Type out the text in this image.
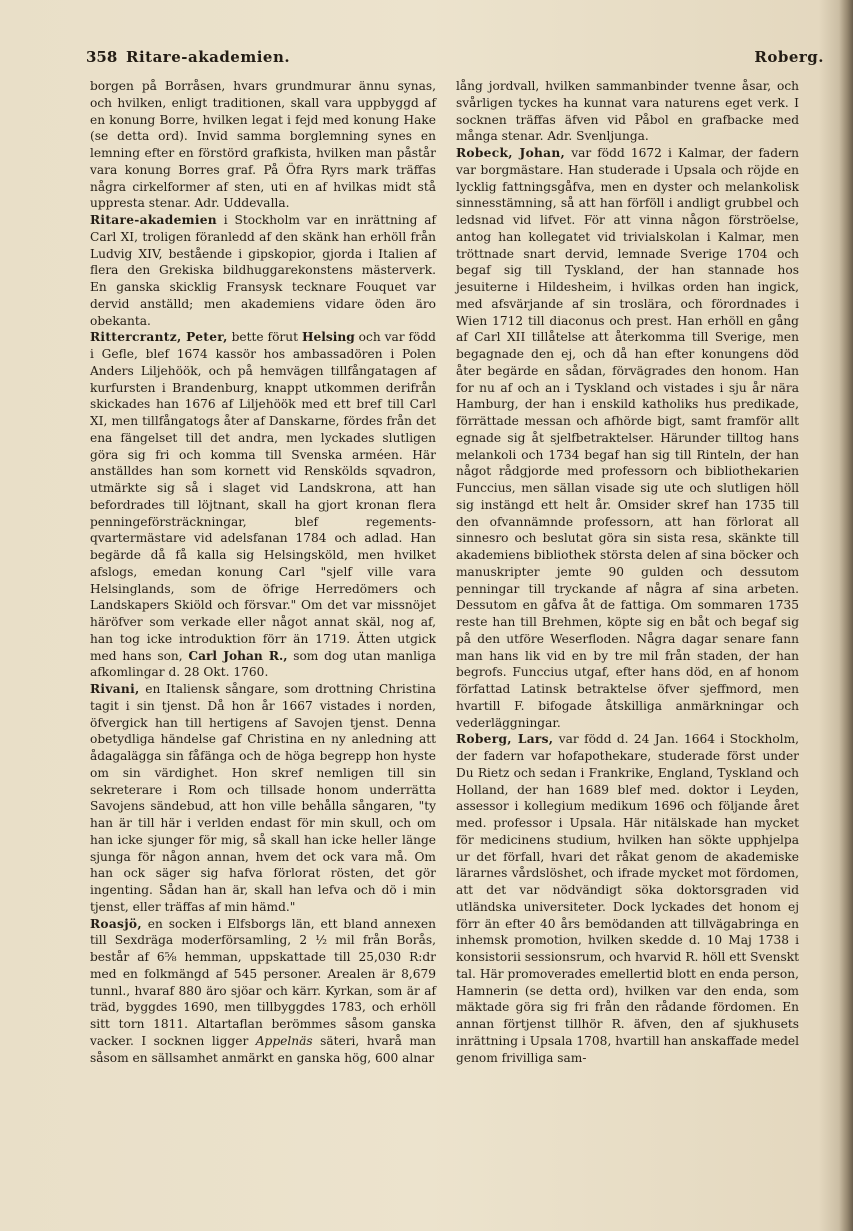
358 Ritare-akademien.	Roberg.

borgen på Borråsen, hvars grundmurar ännu synas, och hvilken, enligt traditionen, skall vara uppbyggd af en konung Borre, hvilken legat i fejd med konung Hake (se detta ord). Invid samma borglemning synes en lemning efter en förstörd grafkista, hvilken man påstår vara konung Borres graf. På Öfra Ryrs mark träffas några cirkelformer af sten, uti en af hvilkas midt stå uppresta stenar. Adr. Uddevalla.

Ritare-akademien i Stockholm var en inrättning af Carl XI, troligen föranledd af den skänk han erhöll från Ludvig XIV, bestående i gipskopior, gjorda i Italien af flera den Grekiska bildhuggarekonstens mästerverk. En ganska skicklig Fransysk tecknare Fouquet var dervid anställd; men akademiens vidare öden äro obekanta.

Rittercrantz, Peter, bette förut Helsing och var född i Gefle, blef 1674 kassör hos ambassadören i Polen Anders Liljehöök, och på hemvägen tillfångatagen af kurfursten i Brandenburg, knappt utkommen derifrån skickades han 1676 af Liljehöök med ett bref till Carl XI, men tillfångatogs åter af Danskarne, fördes från det ena fängelset till det andra, men lyckades slutligen göra sig fri och komma till Svenska arméen. Här anställdes han som kornett vid Renskölds sqvadron, utmärkte sig så i slaget vid Landskrona, att han befordrades till löjtnant, skall ha gjort kronan flera penningeförsträckningar, blef regements-qvartermästare vid adelsfanan 1784 och adlad. Han begärde då få kalla sig Helsingsköld, men hvilket afslogs, emedan konung Carl "sjelf ville vara Helsinglands, som de öfrige Herredömers och Landskapers Skiöld och försvar." Om det var missnöjet häröfver som verkade eller något annat skäl, nog af, han tog icke introduktion förr än 1719. Ätten utgick med hans son, Carl Johan R., som dog utan manliga afkomlingar d. 28 Okt. 1760.

Rivani, en Italiensk sångare, som drottning Christina tagit i sin tjenst. Då hon år 1667 vistades i norden, öfvergick han till hertigens af Savojen tjenst. Denna obetydliga händelse gaf Christina en ny anledning att ådagalägga sin fåfänga och de höga begrepp hon hyste om sin värdighet. Hon skref nemligen till sin sekreterare i Rom och tillsade honom underrätta Savojens sändebud, att hon ville behålla sångaren, "ty han är till här i verlden endast för min skull, och om han icke sjunger för mig, så skall han icke heller länge sjunga för någon annan, hvem det ock vara må. Om han ock säger sig hafva förlorat rösten, det gör ingenting. Sådan han är, skall han lefva och dö i min tjenst, eller träffas af min hämd."

Roasjö, en socken i Elfsborgs län, ett bland annexen till Sexdräga moderförsamling, 2 ½ mil från Borås, består af 6⅝ hemman, uppskattade till 25,030 R:dr med en folkmängd af 545 personer. Arealen är 8,679 tunnl., hvaraf 880 äro sjöar och kärr. Kyrkan, som är af träd, byggdes 1690, men tillbyggdes 1783, och erhöll sitt torn 1811. Altartaflan berömmes såsom ganska vacker. I socknen ligger Appelnäs säteri, hvarå man såsom en sällsamhet anmärkt en ganska hög, 600 alnar

lång jordvall, hvilken sammanbinder tvenne åsar, och svårligen tyckes ha kunnat vara naturens eget verk. I socknen träffas äfven vid Påbol en grafbacke med många stenar. Adr. Svenljunga.

Robeck, Johan, var född 1672 i Kalmar, der fadern var borgmästare. Han studerade i Upsala och röjde en lycklig fattningsgåfva, men en dyster och melankolisk sinnesstämning, så att han förföll i andligt grubbel och ledsnad vid lifvet. För att vinna någon förströelse, antog han kollegatet vid trivialskolan i Kalmar, men tröttnade snart dervid, lemnade Sverige 1704 och begaf sig till Tyskland, der han stannade hos jesuiterne i Hildesheim, i hvilkas orden han ingick, med afsvärjande af sin troslära, och förordnades i Wien 1712 till diaconus och prest. Han erhöll en gång af Carl XII tillåtelse att återkomma till Sverige, men begagnade den ej, och då han efter konungens död åter begärde en sådan, förvägrades den honom. Han for nu af och an i Tyskland och vistades i sju år nära Hamburg, der han i enskild katholiks hus predikade, förrättade messan och afhörde bigt, samt framför allt egnade sig åt sjelfbetraktelser. Härunder tilltog hans melankoli och 1734 begaf han sig till Rinteln, der han något rådgjorde med professorn och bibliothekarien Funccius, men sällan visade sig ute och slutligen höll sig instängd ett helt år. Omsider skref han 1735 till den ofvannämnde professorn, att han förlorat all sinnesro och beslutat göra sin sista resa, skänkte till akademiens bibliothek största delen af sina böcker och manuskripter jemte 90 gulden och dessutom penningar till tryckande af några af sina arbeten. Dessutom en gåfva åt de fattiga. Om sommaren 1735 reste han till Brehmen, köpte sig en båt och begaf sig på den utföre Weserfloden. Några dagar senare fann man hans lik vid en by tre mil från staden, der han begrofs. Funccius utgaf, efter hans död, en af honom författad Latinsk betraktelse öfver sjeffmord, men hvartill F. bifogade åtskilliga anmärkningar och vederläggningar.

Roberg, Lars, var född d. 24 Jan. 1664 i Stockholm, der fadern var hofapothekare, studerade först under Du Rietz och sedan i Frankrike, England, Tyskland och Holland, der han 1689 blef med. doktor i Leyden, assessor i kollegium medikum 1696 och följande året med. professor i Upsala. Här nitälskade han mycket för medicinens studium, hvilken han sökte upphjelpa ur det förfall, hvari det råkat genom de akademiske lärarnes vårdslöshet, och ifrade mycket mot fördomen, att det var nödvändigt söka doktorsgraden vid utländska universiteter. Dock lyckades det honom ej förr än efter 40 års bemödanden att tillvägabringa en inhemsk promotion, hvilken skedde d. 10 Maj 1738 i konsistorii sessionsrum, och hvarvid R. höll ett Svenskt tal. Här promoverades emellertid blott en enda person, Hamnerin (se detta ord), hvilken var den enda, som mäktade göra sig fri från den rådande fördomen. En annan förtjenst tillhör R. äfven, den af sjukhusets inrättning i Upsala 1708, hvartill han anskaffade medel genom frivilliga sam-
